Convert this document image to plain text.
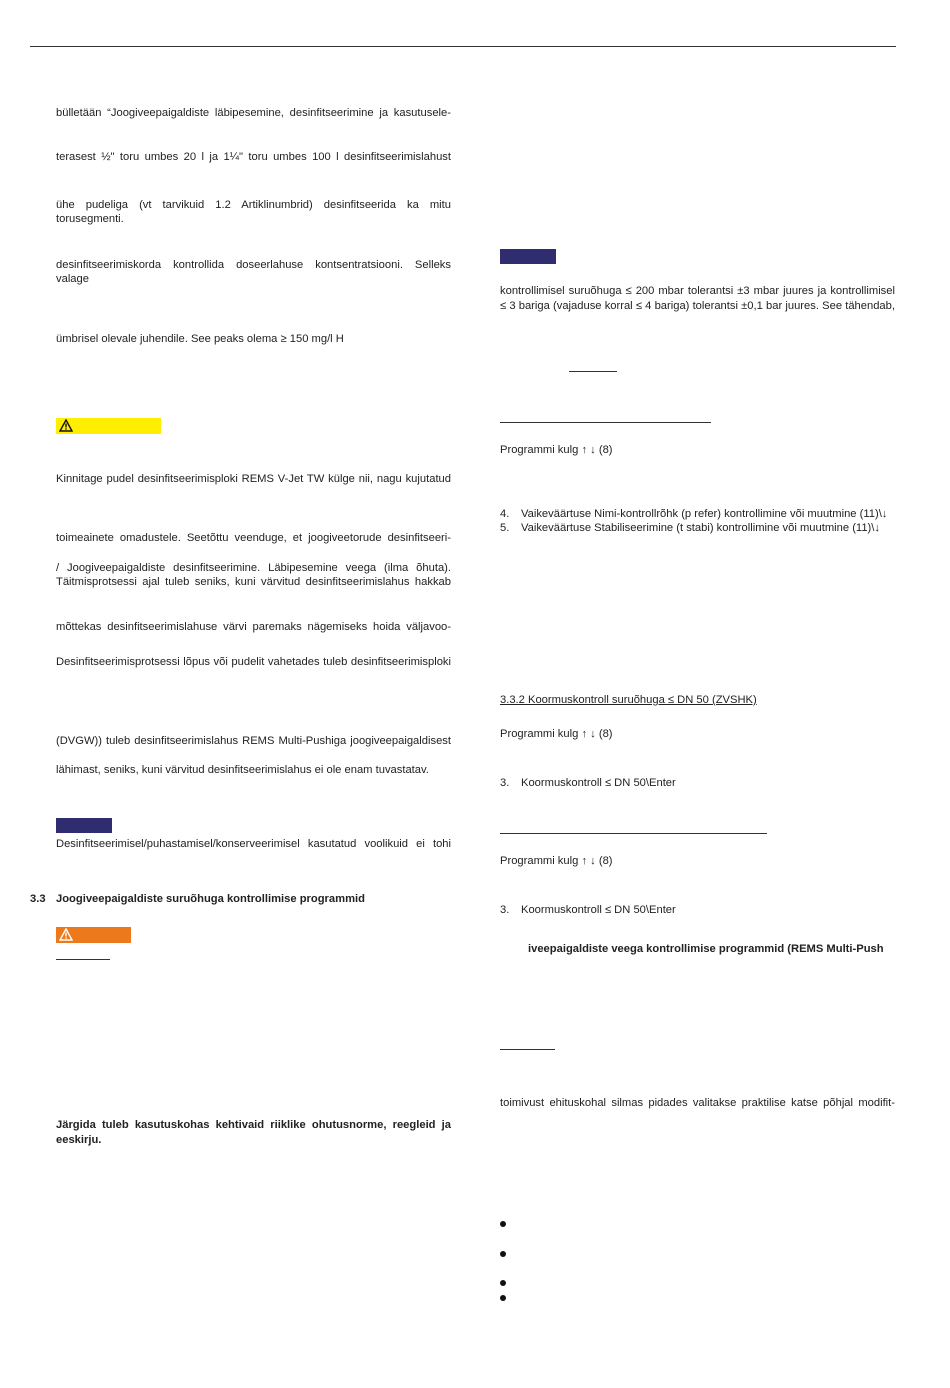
bülletään “Joogiveepaigaldiste läbipesemine, desinfitseerimine ja kasutusele-
terasest ½" toru umbes 20 l ja 1¼" toru umbes 100 l desinfitseerimislahust
ühe pudeliga (vt tarvikuid 1.2 Artiklinumbrid) desinfitseerida ka mitu torusegmenti.
desinfitseerimiskorda kontrollida doseerlahuse kontsentratsiooni. Selleks valage
ümbrisel olevale juhendile. See peaks olema ≥ 150 mg/l H
Kinnitage pudel desinfitseerimisploki REMS V-Jet TW külge nii, nagu kujutatud
toimeainete omadustele. Seetõttu veenduge, et joogiveetorude desinfitseeri-
/ Joogiveepaigaldiste desinfitseerimine. Läbipesemine veega (ilma õhuta).
Täitmisprotsessi ajal tuleb seniks, kuni värvitud desinfitseerimislahus hakkab
mõttekas desinfitseerimislahuse värvi paremaks nägemiseks hoida väljavoo-
Desinfitseerimisprotsessi lõpus või pudelit vahetades tuleb desinfitseerimisploki
(DVGW)) tuleb desinfitseerimislahus REMS Multi-Pushiga joogiveepaigaldisest
lähimast, seniks, kuni värvitud desinfitseerimislahus ei ole enam tuvastatav.
Desinfitseerimisel/puhastamisel/konserveerimisel kasutatud voolikuid ei tohi
3.3 Joogiveepaigaldiste suruõhuga kontrollimise programmid
Järgida tuleb kasutuskohas kehtivaid riiklike ohutusnorme, reegleid ja
eeskirju.
kontrollimisel suruõhuga ≤ 200 mbar tolerantsi ±3 mbar juures ja kontrollimisel
≤ 3 bariga (vajaduse korral ≤ 4 bariga) tolerantsi ±0,1 bar juures. See tähendab,
Programmi kulg ↑ ↓ (8)
4. Vaikeväärtuse Nimi-kontrollrõhk (p refer) kontrollimine või muutmine (11)\↓
5. Vaikeväärtuse Stabiliseerimine (t stabi) kontrollimine või muutmine (11)\↓
3.3.2 Koormuskontroll suruõhuga ≤ DN 50 (ZVSHK)
Programmi kulg ↑ ↓ (8)
3. Koormuskontroll ≤ DN 50\Enter
Programmi kulg ↑ ↓ (8)
3. Koormuskontroll ≤ DN 50\Enter
iveepaigaldiste veega kontrollimise programmid (REMS Multi-Push
toimivust ehituskohal silmas pidades valitakse praktilise katse põhjal modifit-
